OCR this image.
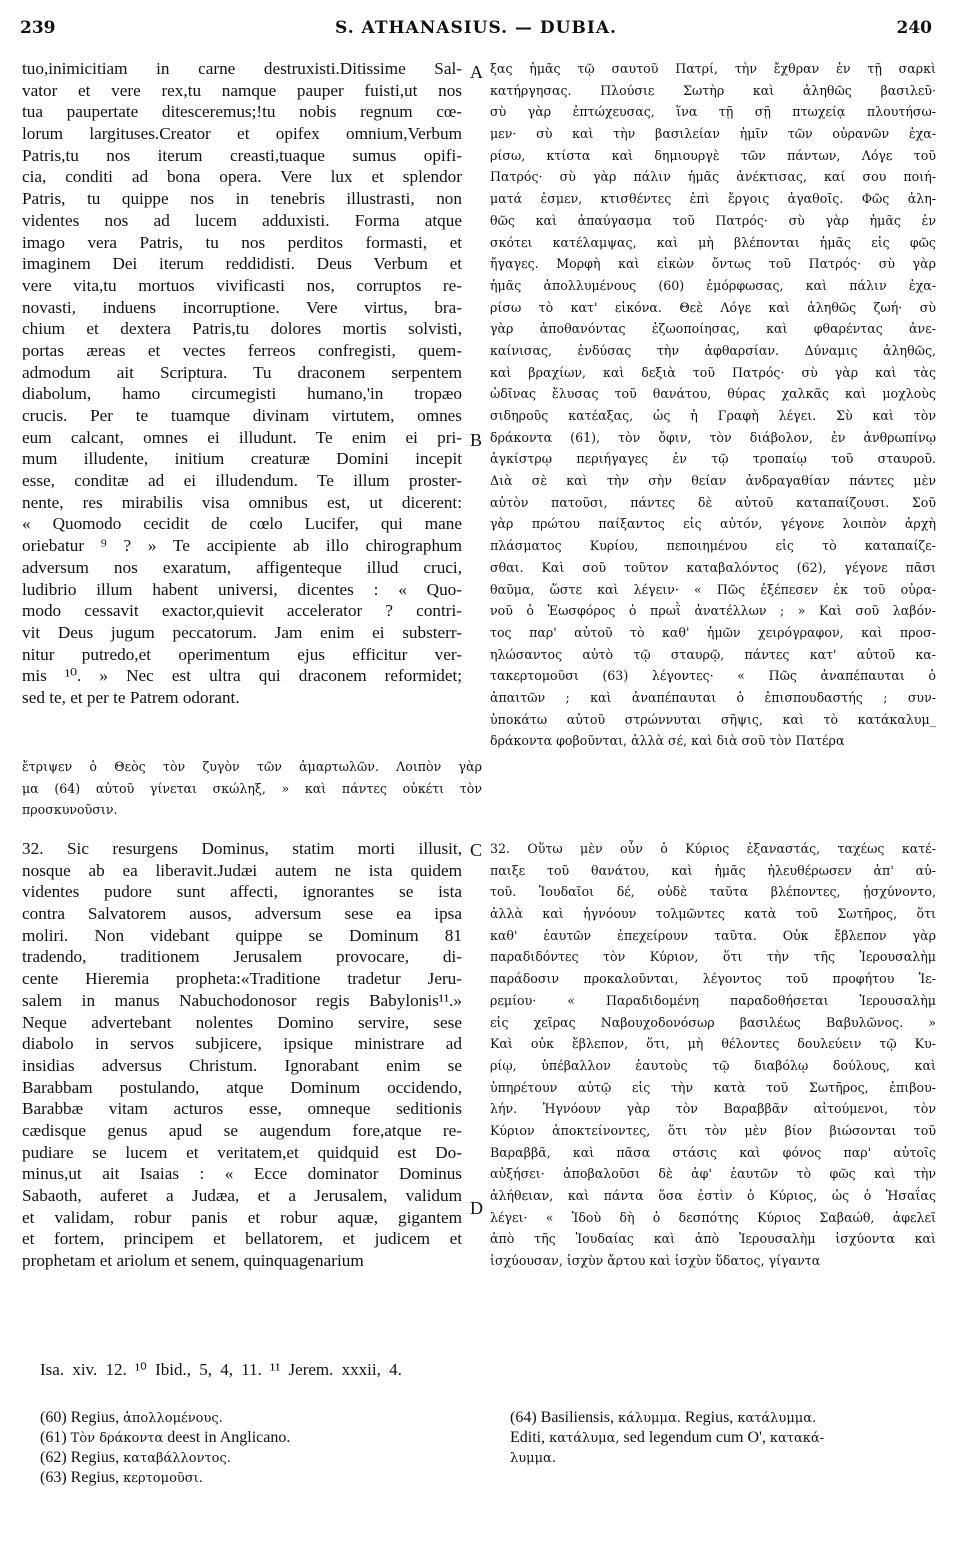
239	S. ATHANASIUS. — DUBIA.	240
tuo,inimicitiam in carne destruxisti.Ditissime Sal-
vator et vere rex,tu namque pauper fuisti,ut nos
tua paupertate ditesceremus;!tu nobis regnum cœ-
lorum largituses.Creator et opifex omnium,Verbum
Patris,tu nos iterum creasti,tuaque sumus opifi-
cia, conditi ad bona opera. Vere lux et splendor
Patris, tu quippe nos in tenebris illustrasti, non
videntes nos ad lucem adduxisti. Forma atque
imago vera Patris, tu nos perditos formasti, et
imaginem Dei iterum reddidisti. Deus Verbum et
vere vita,tu mortuos vivificasti nos, corruptos re-
novasti, induens incorruptione. Vere virtus, bra-
chium et dextera Patris,tu dolores mortis solvisti,
portas æreas et vectes ferreos confregisti, quem-
admodum ait Scriptura. Tu draconem serpentem
diabolum, hamo circumegisti humano,'in tropæo
crucis. Per te tuamque divinam virtutem, omnes
eum calcant, omnes ei illudunt. Te enim ei pri-
mum illudente, initium creaturæ Domini incepit
esse, conditæ ad ei illudendum. Te illum proster-
nente, res mirabilis visa omnibus est, ut dicerent:
« Quomodo cecidit de cœlo Lucifer, qui mane
oriebatur ⁹ ? » Te accipiente ab illo chirographum
adversum nos exaratum, affigenteque illud cruci,
ludibrio illum habent universi, dicentes : « Quo-
modo cessavit exactor,quievit accelerator ? contri-
vit Deus jugum peccatorum. Jam enim ei substerr-
nitur putredo,et operimentum ejus efficitur ver-
mis ¹⁰. » Nec est ultra qui draconem reformidet;
sed te, et per te Patrem odorant.
ξας ἡμᾶς τῷ σαυτοῦ Πατρί, τὴν ἔχθραν ἐν τῇ σαρκὶ
κατήργησας. Πλούσιε Σωτὴρ καὶ ἀληθῶς βασιλεῦ·
σὺ γὰρ ἐπτώχευσας, ἵνα τῇ σῇ πτωχείᾳ πλουτήσω-
μεν· σὺ καὶ τὴν βασιλείαν ἡμῖν τῶν οὐρανῶν ἐχα-
ρίσω, κτίστα καὶ δημιουργὲ τῶν πάντων, Λόγε τοῦ
Πατρός· σὺ γὰρ πάλιν ἡμᾶς ἀνέκτισας, καί σου ποιή-
ματά ἐσμεν, κτισθέντες ἐπὶ ἔργοις ἀγαθοῖς. Φῶς ἀλη-
θῶς καὶ ἀπαύγασμα τοῦ Πατρός· σὺ γὰρ ἡμᾶς ἐν
σκότει κατέλαμψας, καὶ μὴ βλέπονται ἡμᾶς εἰς φῶς
ἤγαγες. Μορφὴ καὶ εἰκὼν ὄντως τοῦ Πατρός· σὺ γὰρ
ἡμᾶς ἀπολλυμένους (60) ἐμόρφωσας, καὶ πάλιν ἐχα-
ρίσω τὸ κατ' εἰκόνα. Θεὲ Λόγε καὶ ἀληθῶς ζωή· σὺ
γὰρ ἀποθανόντας ἐζωοποίησας, καὶ φθαρέντας ἀνε-
καίνισας, ἐνδύσας τὴν ἀφθαρσίαν. Δύναμις ἀληθῶς,
καὶ βραχίων, καὶ δεξιὰ τοῦ Πατρός· σὺ γὰρ καὶ τὰς
ὠδῖνας ἔλυσας τοῦ θανάτου, θύρας χαλκᾶς καὶ μοχλοὺς
σιδηροῦς κατέαξας, ὡς ἡ Γραφὴ λέγει. Σὺ καὶ τὸν
δράκοντα (61), τὸν ὄφιν, τὸν διάβολον, ἐν ἀνθρωπίνῳ
ἀγκίστρῳ περιήγαγες ἐν τῷ τροπαίῳ τοῦ σταυροῦ.
Διὰ σὲ καὶ τὴν σὴν θείαν ἀνδραγαθίαν πάντες μὲν
αὐτὸν πατοῦσι, πάντες δὲ αὐτοῦ καταπαίζουσι. Σοῦ
γὰρ πρώτου παίξαντος εἰς αὐτόν, γέγονε λοιπὸν ἀρχὴ
πλάσματος Κυρίου, πεποιημένου εἰς τὸ καταπαίζε-
σθαι. Καὶ σοῦ τοῦτον καταβαλόντος (62), γέγονε πᾶσι
θαῦμα, ὥστε καὶ λέγειν· « Πῶς ἐξέπεσεν ἐκ τοῦ οὐρα-
νοῦ ὁ Ἑωσφόρος ὁ πρωῒ ἀνατέλλων ; » Καὶ σοῦ λαβόν-
τος παρ' αὐτοῦ τὸ καθ' ἡμῶν χειρόγραφον, καὶ προσ-
ηλώσαντος αὐτὸ τῷ σταυρῷ, πάντες κατ' αὐτοῦ κα-
τακερτομοῦσι (63) λέγοντες· « Πῶς ἀναπέπαυται ὁ
ἀπαιτῶν ; καὶ ἀναπέπαυται ὁ ἐπισπουδαστής ; συν-
ὑποκάτω αὐτοῦ στρώννυται σῆψις, καὶ τὸ κατάκαλυμ_
δράκοντα φοβοῦνται, ἀλλὰ σέ, καὶ διὰ σοῦ τὸν Πατέρα
ἔτριψεν ὁ Θεὸς τὸν ζυγὸν τῶν ἁμαρτωλῶν. Λοιπὸν γὰρ
μα (64) αὐτοῦ γίνεται σκώληξ, » καὶ πάντες οὐκέτι τὸν
προσκυνοῦσιν.
32. Sic resurgens Dominus, statim morti illusit,
nosque ab ea liberavit.Judæi autem ne ista quidem
videntes pudore sunt affecti, ignorantes se ista
contra Salvatorem ausos, adversum sese ea ipsa
moliri. Non videbant quippe se Dominum 81
tradendo, traditionem Jerusalem provocare, di-
cente Hieremia propheta:«Traditione tradetur Jeru-
salem in manus Nabuchodonosor regis Babylonis¹¹.»
Neque advertebant nolentes Domino servire, sese
diabolo in servos subjicere, ipsique ministrare ad
insidias adversus Christum. Ignorabant enim se
Barabbam postulando, atque Dominum occidendo,
Barabbæ vitam acturos esse, omneque seditionis
cædisque genus apud se augendum fore,atque re-
pudiare se lucem et veritatem,et quidquid est Do-
minus,ut ait Isaias : « Ecce dominator Dominus
Sabaoth, auferet a Judæa, et a Jerusalem, validum
et validam, robur panis et robur aquæ, gigantem
et fortem, principem et bellatorem, et judicem et
prophetam et ariolum et senem, quinquagenarium
32. Οὕτω μὲν οὖν ὁ Κύριος ἐξαναστάς, ταχέως κατέ-
παιξε τοῦ θανάτου, καὶ ἡμᾶς ἠλευθέρωσεν ἀπ' αὐ-
τοῦ. Ἰουδαῖοι δέ, οὐδὲ ταῦτα βλέποντες, ᾐσχύνοντο,
ἀλλὰ καὶ ἠγνόουν τολμῶντες κατὰ τοῦ Σωτῆρος, ὅτι
καθ' ἑαυτῶν ἐπεχείρουν ταῦτα. Οὐκ ἔβλεπον γὰρ
παραδιδόντες τὸν Κύριον, ὅτι τὴν τῆς Ἱερουσαλὴμ
παράδοσιν προκαλοῦνται, λέγοντος τοῦ προφήτου Ἱε-
ρεμίου· « Παραδιδομένη παραδοθήσεται Ἱερουσαλὴμ
εἰς χεῖρας Ναβουχοδονόσωρ βασιλέως Βαβυλῶνος. »
Καὶ οὐκ ἔβλεπον, ὅτι, μὴ θέλοντες δουλεύειν τῷ Κυ-
ρίῳ, ὑπέβαλλον ἑαυτοὺς τῷ διαβόλῳ δούλους, καὶ
ὑπηρέτουν αὐτῷ εἰς τὴν κατὰ τοῦ Σωτῆρος, ἐπιβου-
λήν. Ἠγνόουν γὰρ τὸν Βαραββᾶν αἰτούμενοι, τὸν
Κύριον ἀποκτείνοντες, ὅτι τὸν μὲν βίον βιώσονται τοῦ
Βαραββᾶ, καὶ πᾶσα στάσις καὶ φόνος παρ' αὐτοῖς
αὐξήσει· ἀποβαλοῦσι δὲ ἀφ' ἑαυτῶν τὸ φῶς καὶ τὴν
ἀλήθειαν, καὶ πάντα ὅσα ἐστὶν ὁ Κύριος, ὡς ὁ Ἡσαΐας
λέγει· « Ἰδοὺ δὴ ὁ δεσπότης Κύριος Σαβαώθ, ἀφελεῖ
ἀπὸ τῆς Ἰουδαίας καὶ ἀπὸ Ἱερουσαλὴμ ἰσχύοντα καὶ
ἰσχύουσαν, ἰσχὺν ἄρτου καὶ ἰσχὺν ὕδατος, γίγαντα
A
B
C
D
Isa. xiv. 12. ¹⁰ Ibid., 5, 4, 11. ¹¹ Jerem. xxxii, 4.
(60) Regius, ἀπολλομένους.
(61) Τὸν δράκοντα deest in Anglicano.
(62) Regius, καταβάλλοντος.
(63) Regius, κερτομοῦσι.
(64) Basiliensis, κάλυμμα. Regius, κατάλυμμα.
Editi, κατάλυμα, sed legendum cum O', κατακά-
λυμμα.
